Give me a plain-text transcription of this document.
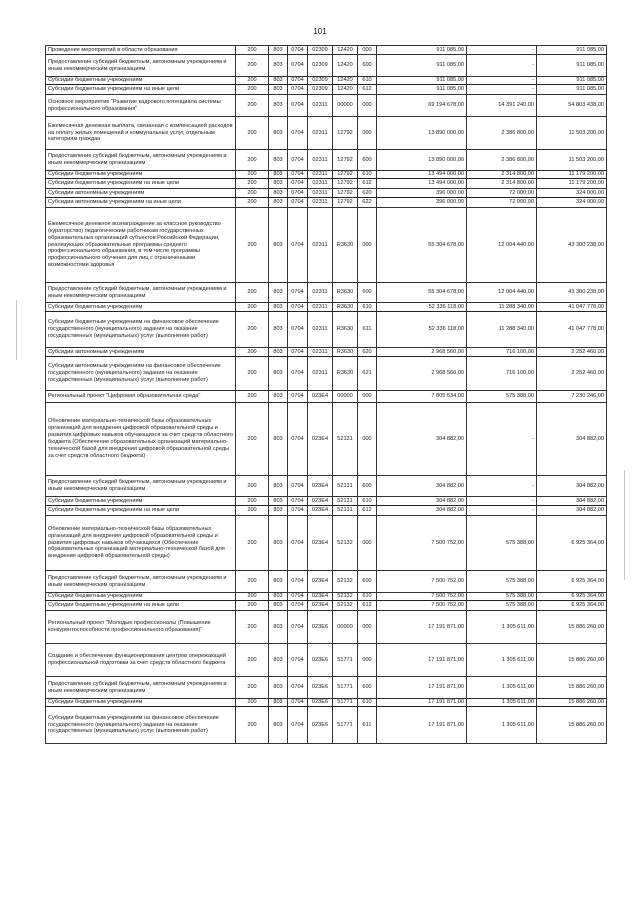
101
Проведение мероприятий в области образования	200	803	0704	02309	12420	000	911 085,00	-	911 085,00
Предоставление субсидий бюджетным, автономным учреждениям и иным некоммерческим организациям	200	803	0704	02309	12420	600	911 085,00	-	911 085,00
Субсидии бюджетным учреждениям	200	803	0704	02309	12420	610	911 085,00	-	911 085,00
Субсидии бюджетным учреждениям на иные цели	200	803	0704	02309	12420	612	911 085,00	-	911 085,00
Основное мероприятие "Развитие кадрового потенциала системы профессионального образования"	200	803	0704	02311	00000	000	69 194 678,00	14 391 240,00	54 803 438,00
Ежемесячная денежная выплата, связанная с компенсацией расходов на оплату жилых помещений и коммунальных услуг, отдельным категориям граждан	200	803	0704	02311	12792	000	13 890 000,00	2 386 800,00	11 503 200,00
Предоставление субсидий бюджетным, автономным учреждениям и иным некоммерческим организациям	200	803	0704	02311	12792	600	13 890 000,00	2 386 800,00	11 503 200,00
Субсидии бюджетным учреждениям	200	803	0704	02311	12792	610	13 494 000,00	2 314 800,00	11 179 200,00
Субсидии бюджетным учреждениям на иные цели	200	803	0704	02311	12792	612	13 494 000,00	2 314 800,00	11 179 200,00
Субсидии автономным учреждениям	200	803	0704	02311	12792	620	396 000,00	72 000,00	324 000,00
Субсидии автономным учреждениям на иные цели	200	803	0704	02311	12792	622	396 000,00	72 000,00	324 000,00
Ежемесячное денежное вознаграждение за классное руководство (кураторство) педагогическим работникам государственных образовательных организаций субъектов Российской Федерации, реализующих образовательные программы среднего профессионального образования, в том числе программы профессионального обучения для лиц с ограниченными возможностями здоровья	200	803	0704	02311	R3630	000	55 304 678,00	12 004 440,00	43 300 238,00
Предоставление субсидий бюджетным, автономным учреждениям и иным некоммерческим организациям	200	803	0704	02311	R3630	600	55 304 678,00	12 004 440,00	43 300 238,00
Субсидии бюджетным учреждениям	200	803	0704	02311	R3630	610	52 336 118,00	11 288 340,00	41 047 778,00
Субсидии бюджетным учреждениям на финансовое обеспечение государственного (муниципального) задания на оказание государственных (муниципальных) услуг (выполнение работ)	200	803	0704	02311	R3630	611	52 336 118,00	11 288 340,00	41 047 778,00
Субсидии автономным учреждениям	200	803	0704	02311	R3630	620	2 968 560,00	716 100,00	2 252 460,00
Субсидии автономным учреждениям на финансовое обеспечение государственного (муниципального) задания на оказание государственных (муниципальных) услуг (выполнение работ)	200	803	0704	02311	R3630	621	2 968 560,00	716 100,00	2 252 460,00
Региональный проект "Цифровая образовательная среда"	200	803	0704	023E4	00000	000	7 805 634,00	575 388,00	7 230 246,00
Обновление материально-технической базы образовательных организаций для внедрения цифровой образовательной среды и развития цифровых навыков обучающихся за счет средств областного бюджета (Обеспечение образовательных организаций материально-технической базой для внедрения цифровой образовательной среды за счет средств областного бюджета)	200	803	0704	023E4	52131	000	304 882,00	-	304 882,00
Предоставление субсидий бюджетным, автономным учреждениям и иным некоммерческим организациям	200	803	0704	023E4	52131	600	304 882,00	-	304 882,00
Субсидии бюджетным учреждениям	200	803	0704	023E4	52131	610	304 882,00	-	304 882,00
Субсидии бюджетным учреждениям на иные цели	200	803	0704	023E4	52131	612	304 882,00	-	304 882,00
Обновление материально-технической базы образовательных организаций для внедрения цифровой образовательной среды и развития цифровых навыков обучающихся (Обеспечение образовательных организаций материально-технической базой для внедрения цифровой образовательной среды)	200	803	0704	023E4	52132	000	7 500 752,00	575 388,00	6 925 364,00
Предоставление субсидий бюджетным, автономным учреждениям и иным некоммерческим организациям	200	803	0704	023E4	52132	600	7 500 752,00	575 388,00	6 925 364,00
Субсидии бюджетным учреждениям	200	803	0704	023E4	52132	610	7 500 752,00	575 388,00	6 925 364,00
Субсидии бюджетным учреждениям на иные цели	200	803	0704	023E4	52132	612	7 500 752,00	575 388,00	6 925 364,00
Региональный проект "Молодые профессионалы (Повышение конкурентоспособности профессионального образования)"	200	803	0704	023E6	00000	000	17 191 871,00	1 305 611,00	15 886 260,00
Создание и обеспечение функционирования центров опережающей профессиональной подготовки за счет средств областного бюджета	200	803	0704	023E6	51771	000	17 191 871,00	1 305 611,00	15 886 260,00
Предоставление субсидий бюджетным, автономным учреждениям и иным некоммерческим организациям	200	803	0704	023E6	51771	600	17 191 871,00	1 305 611,00	15 886 260,00
Субсидии бюджетным учреждениям	200	803	0704	023E6	51771	610	17 191 871,00	1 305 611,00	15 886 260,00
Субсидии бюджетным учреждениям на финансовое обеспечение государственного (муниципального) задания на оказание государственных (муниципальных) услуг (выполнение работ)	200	803	0704	023E6	51771	611	17 191 871,00	1 305 611,00	15 886 260,00
